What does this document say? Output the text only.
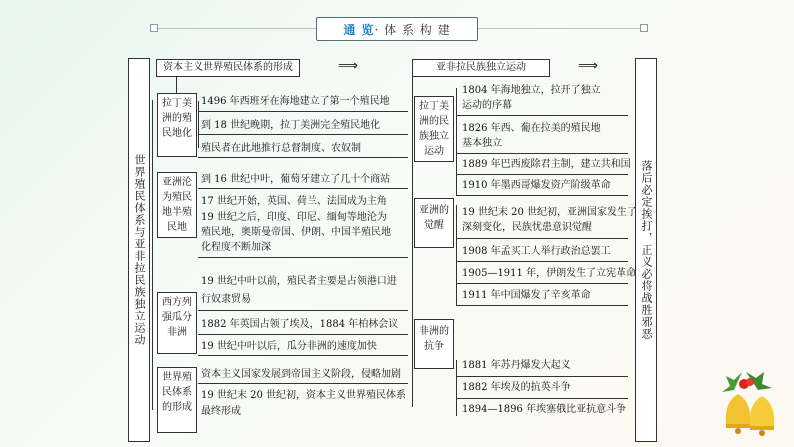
通 览 · 体 系 构 建
世界殖民体系与亚非拉民族独立运动	落后必定挨打，正义必将战胜邪恶
资本主义世界殖民体系的形成	亚非拉民族独立运动
⟹	⟹
拉丁美洲的殖民地化
1496 年西班牙在海地建立了第一个殖民地
到 18 世纪晚期，拉丁美洲完全殖民地化
殖民者在此地推行总督制度、农奴制
亚洲沦为殖民地半殖民地
到 16 世纪中叶，葡萄牙建立了几十个商站
17 世纪开始，英国、荷兰、法国成为主角
19 世纪之后，印度、印尼、缅甸等地沦为
殖民地，奥斯曼帝国、伊朗、中国半殖民地
化程度不断加深
西方列强瓜分非洲
19 世纪中叶以前，殖民者主要是占领港口进
行奴隶贸易
1882 年英国占领了埃及，1884 年柏林会议
19 世纪中叶以后，瓜分非洲的速度加快
世界殖民体系的形成
资本主义国家发展到帝国主义阶段，侵略加剧
19 世纪末 20 世纪初，资本主义世界殖民体系
最终形成
拉丁美洲的民族独立运动
1804 年海地独立，拉开了独立
运动的序幕
1826 年西、葡在拉美的殖民地
基本独立
1889 年巴西废除君主制，建立共和国
1910 年墨西哥爆发资产阶级革命
亚洲的觉醒
19 世纪末 20 世纪初，亚洲国家发生了
深刻变化，民族忧患意识觉醒
1908 年孟买工人举行政治总罢工
1905—1911 年，伊朗发生了立宪革命
1911 年中国爆发了辛亥革命
非洲的抗争
1881 年苏丹爆发大起义
1882 年埃及的抗英斗争
1894—1896 年埃塞俄比亚抗意斗争
